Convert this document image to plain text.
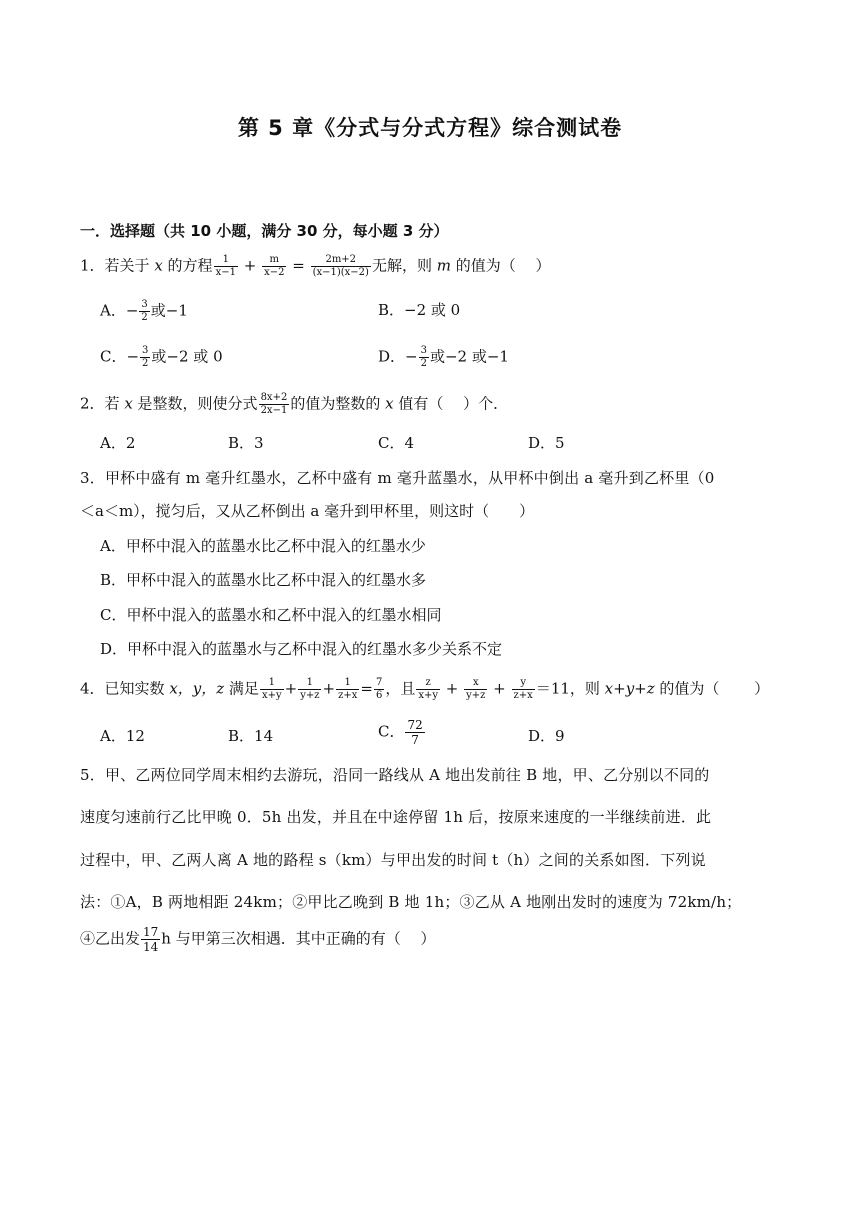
第 5 章《分式与分式方程》综合测试卷
一．选择题（共 10 小题，满分 30 分，每小题 3 分）
1．若关于 x 的方程 $\frac{1}{x-1} + \frac{m}{x-2} = \frac{2m+2}{(x-1)(x-2)}$ 无解，则 m 的值为（　 ）
A．− $\frac{3}{2}$ 或−1	B．−2 或 0
C．− $\frac{3}{2}$ 或−2 或 0	D．− $\frac{3}{2}$ 或−2 或−1
2．若 x 是整数，则使分式 $\frac{8x+2}{2x-1}$ 的值为整数的 x 值有（　 ）个．
A．2	B．3	C．4	D．5
3．甲杯中盛有 m 毫升红墨水，乙杯中盛有 m 毫升蓝墨水，从甲杯中倒出 a 毫升到乙杯里（0
＜a＜m），搅匀后，又从乙杯倒出 a 毫升到甲杯里，则这时（　　）
A．甲杯中混入的蓝墨水比乙杯中混入的红墨水少
B．甲杯中混入的蓝墨水比乙杯中混入的红墨水多
C．甲杯中混入的蓝墨水和乙杯中混入的红墨水相同
D．甲杯中混入的蓝墨水与乙杯中混入的红墨水多少关系不定
4．已知实数 x，y，z 满足 $\frac{1}{x+y} + \frac{1}{y+z} + \frac{1}{z+x} = \frac{7}{6}$ ，且 $\frac{z}{x+y} + \frac{x}{y+z} + \frac{y}{z+x} =11$，则 x+y+z 的值为（　　 ）
A．12	B．14	C． $\frac{72}{7}$	D．9
5．甲、乙两位同学周末相约去游玩，沿同一路线从 A 地出发前往 B 地，甲、乙分别以不同的
速度匀速前行乙比甲晚 0．5h 出发，并且在中途停留 1h 后，按原来速度的一半继续前进．此
过程中，甲、乙两人离 A 地的路程 s（km）与甲出发的时间 t（h）之间的关系如图．下列说
法：①A，B 两地相距 24km；②甲比乙晚到 B 地 1h；③乙从 A 地刚出发时的速度为 72km/h；
④乙出发 $\frac{17}{14}$ h 与甲第三次相遇．其中正确的有（　 ）
